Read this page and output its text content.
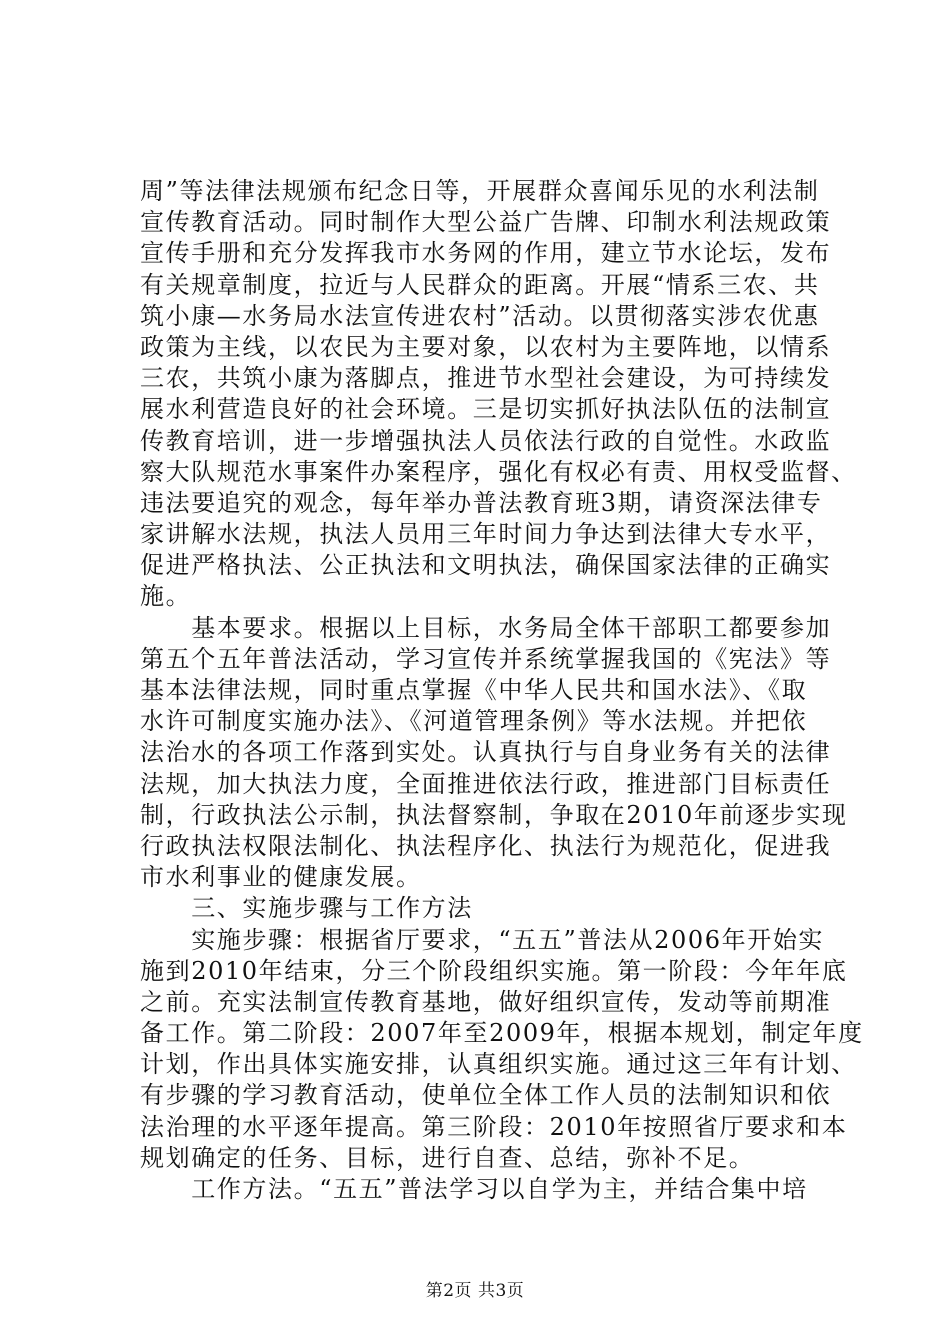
周”等法律法规颁布纪念日等，开展群众喜闻乐见的水利法制
宣传教育活动。同时制作大型公益广告牌、印制水利法规政策
宣传手册和充分发挥我市水务网的作用，建立节水论坛，发布
有关规章制度，拉近与人民群众的距离。开展“情系三农、共
筑小康—水务局水法宣传进农村”活动。以贯彻落实涉农优惠
政策为主线，以农民为主要对象，以农村为主要阵地，以情系
三农，共筑小康为落脚点，推进节水型社会建设，为可持续发
展水利营造良好的社会环境。三是切实抓好执法队伍的法制宣
传教育培训，进一步增强执法人员依法行政的自觉性。水政监
察大队规范水事案件办案程序，强化有权必有责、用权受监督、
违法要追究的观念，每年举办普法教育班3期，请资深法律专
家讲解水法规，执法人员用三年时间力争达到法律大专水平，
促进严格执法、公正执法和文明执法，确保国家法律的正确实
施。
　　基本要求。根据以上目标，水务局全体干部职工都要参加
第五个五年普法活动，学习宣传并系统掌握我国的《宪法》等
基本法律法规，同时重点掌握《中华人民共和国水法》、《取
水许可制度实施办法》、《河道管理条例》等水法规。并把依
法治水的各项工作落到实处。认真执行与自身业务有关的法律
法规，加大执法力度，全面推进依法行政，推进部门目标责任
制，行政执法公示制，执法督察制，争取在2010年前逐步实现
行政执法权限法制化、执法程序化、执法行为规范化，促进我
市水利事业的健康发展。
　　三、实施步骤与工作方法
　　实施步骤：根据省厅要求，“五五”普法从2006年开始实
施到2010年结束，分三个阶段组织实施。第一阶段：今年年底
之前。充实法制宣传教育基地，做好组织宣传，发动等前期准
备工作。第二阶段：2007年至2009年，根据本规划，制定年度
计划，作出具体实施安排，认真组织实施。通过这三年有计划、
有步骤的学习教育活动，使单位全体工作人员的法制知识和依
法治理的水平逐年提高。第三阶段：2010年按照省厅要求和本
规划确定的任务、目标，进行自查、总结，弥补不足。
　　工作方法。“五五”普法学习以自学为主，并结合集中培
第2页 共3页
